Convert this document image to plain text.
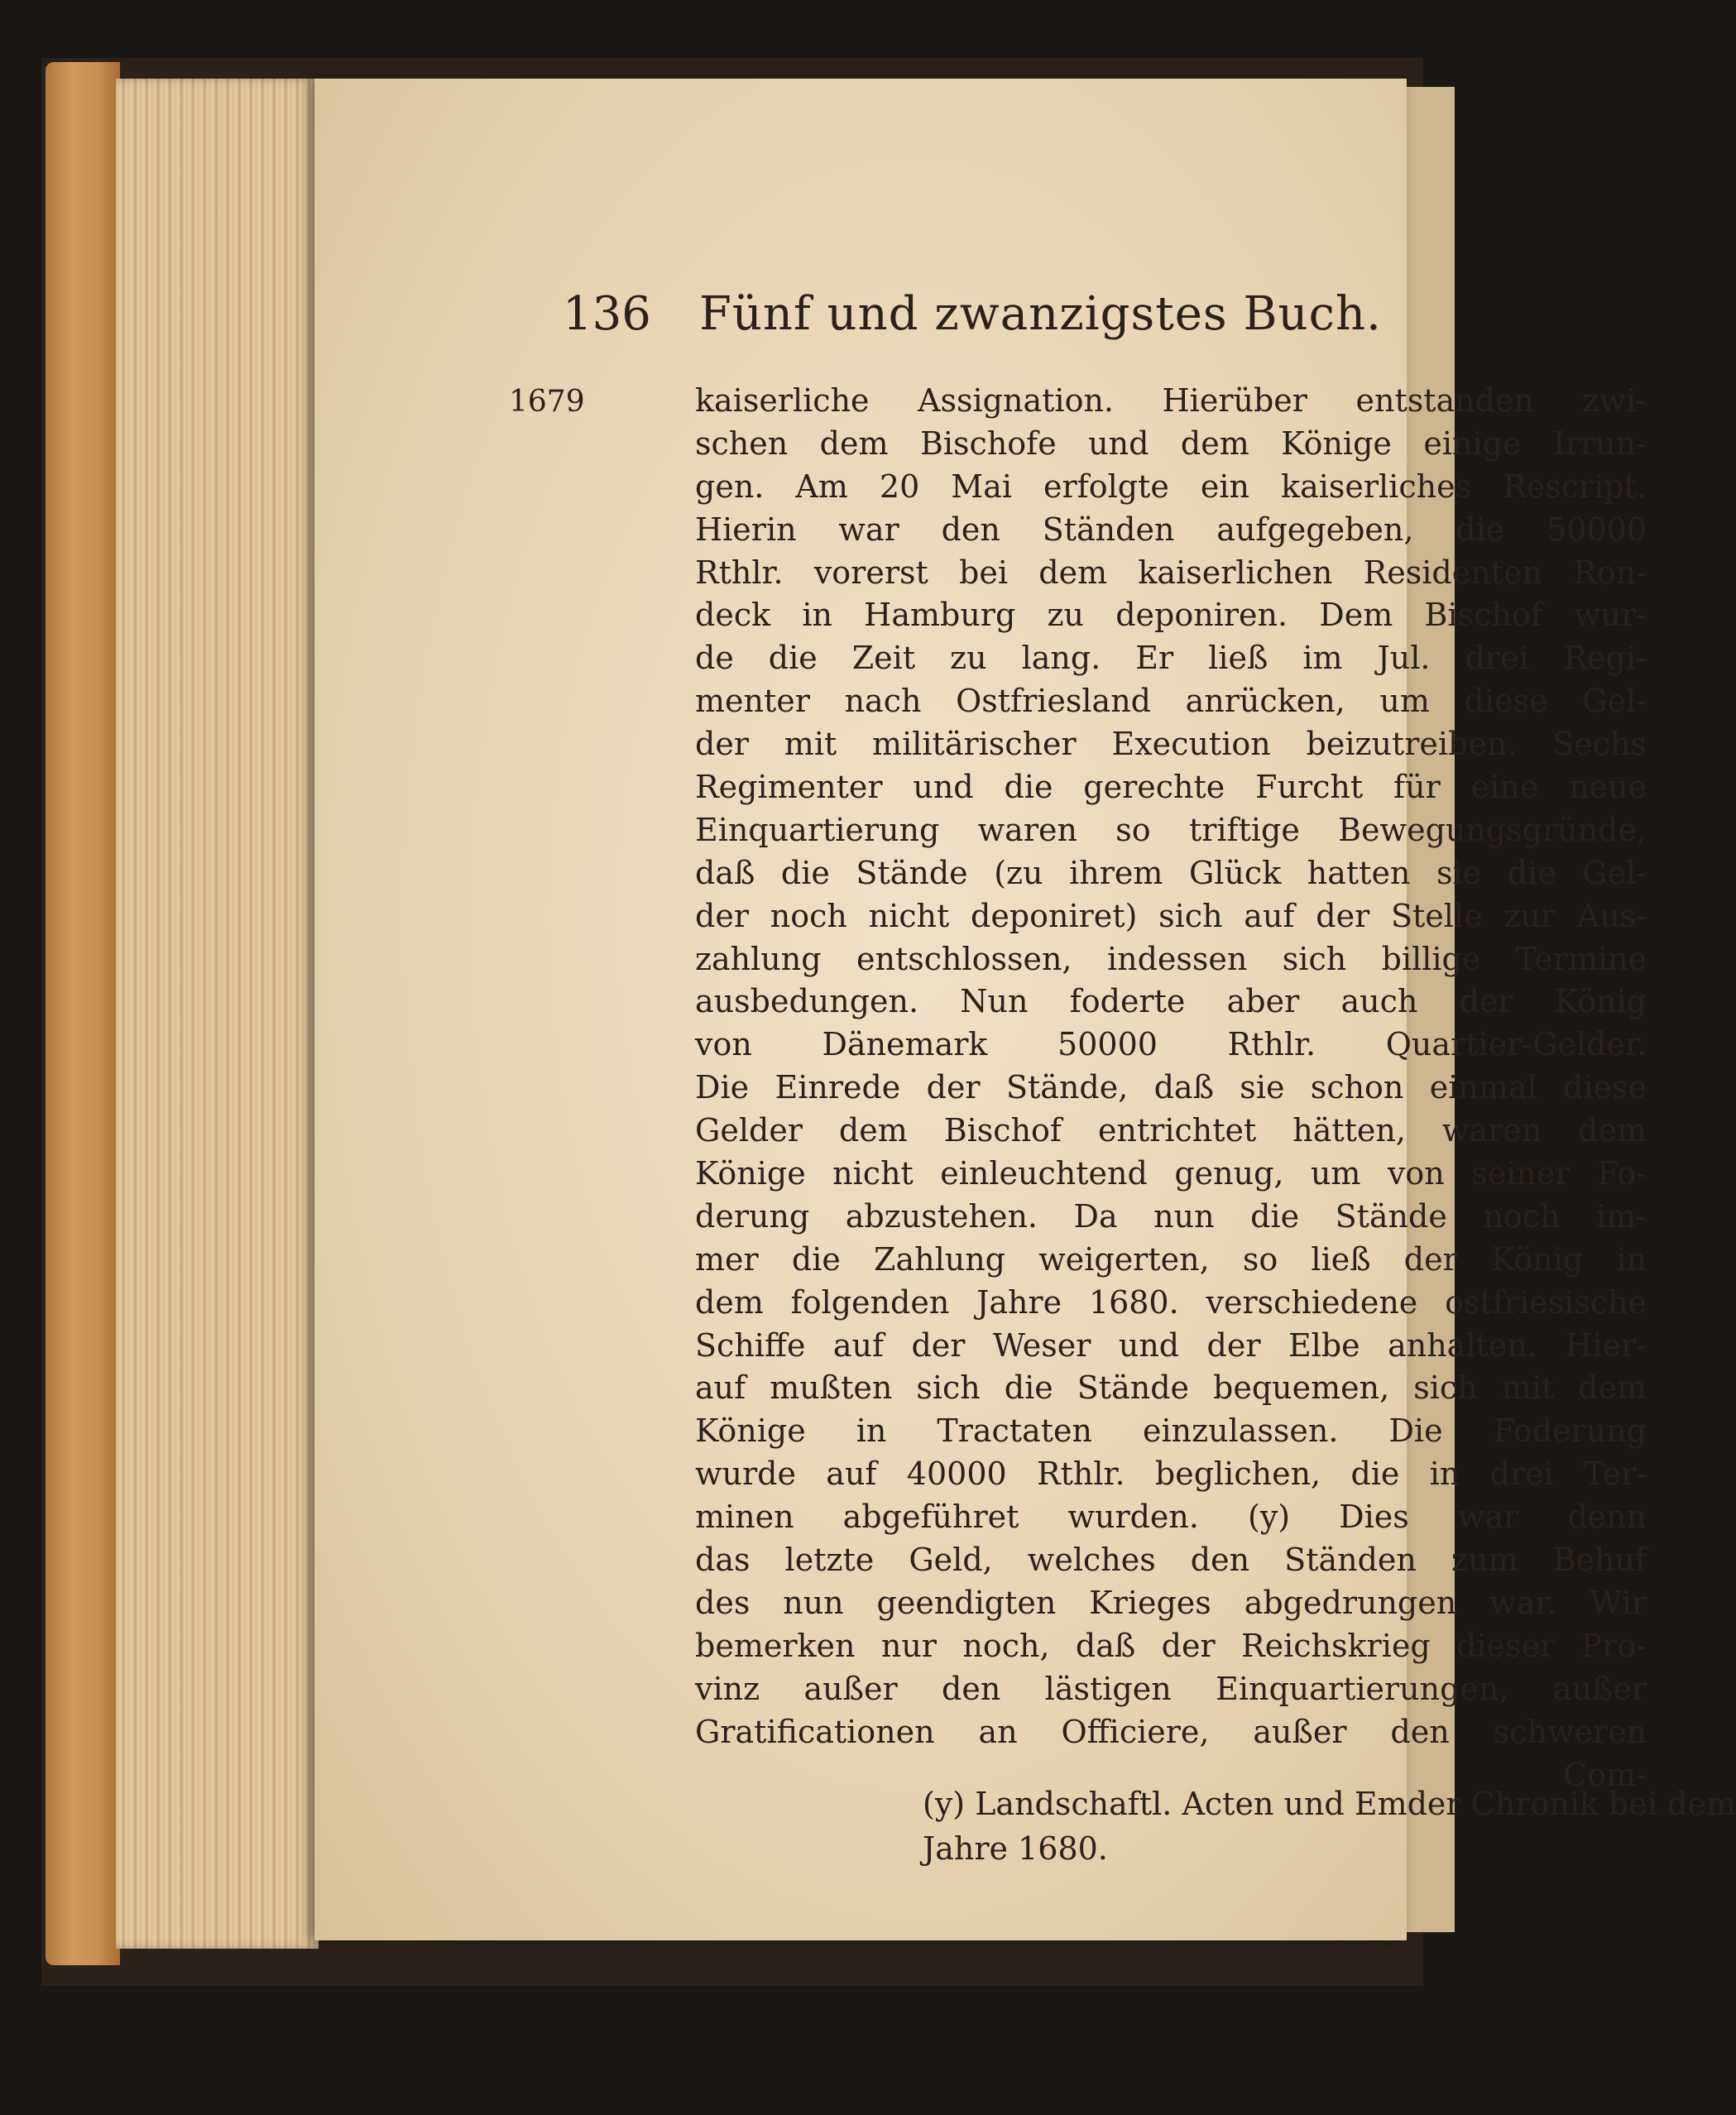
136 Fünf und zwanzigstes Buch.
1679	kaiserliche Assignation. Hierüber entstanden zwi-
schen dem Bischofe und dem Könige einige Irrun-
gen. Am 20 Mai erfolgte ein kaiserliches Rescript.
Hierin war den Ständen aufgegeben, die 50000
Rthlr. vorerst bei dem kaiserlichen Residenten Ron-
deck in Hamburg zu deponiren. Dem Bischof wur-
de die Zeit zu lang. Er ließ im Jul. drei Regi-
menter nach Ostfriesland anrücken, um diese Gel-
der mit militärischer Execution beizutreiben. Sechs
Regimenter und die gerechte Furcht für eine neue
Einquartierung waren so triftige Bewegungsgründe,
daß die Stände (zu ihrem Glück hatten sie die Gel-
der noch nicht deponiret) sich auf der Stelle zur Aus-
zahlung entschlossen, indessen sich billige Termine
ausbedungen. Nun foderte aber auch der König
von Dänemark 50000 Rthlr. Quartier-Gelder.
Die Einrede der Stände, daß sie schon einmal diese
Gelder dem Bischof entrichtet hätten, waren dem
Könige nicht einleuchtend genug, um von seiner Fo-
derung abzustehen. Da nun die Stände noch im-
mer die Zahlung weigerten, so ließ der König in
dem folgenden Jahre 1680. verschiedene ostfriesische
Schiffe auf der Weser und der Elbe anhalten. Hier-
auf mußten sich die Stände bequemen, sich mit dem
Könige in Tractaten einzulassen. Die Foderung
wurde auf 40000 Rthlr. beglichen, die in drei Ter-
minen abgeführet wurden. (y) Dies war denn
das letzte Geld, welches den Ständen zum Behuf
des nun geendigten Krieges abgedrungen war. Wir
bemerken nur noch, daß der Reichskrieg dieser Pro-
vinz außer den lästigen Einquartierungen, außer
Gratificationen an Officiere, außer den schweren
Com-
(y) Landschaftl. Acten und Emder Chronik bei dem
Jahre 1680.
